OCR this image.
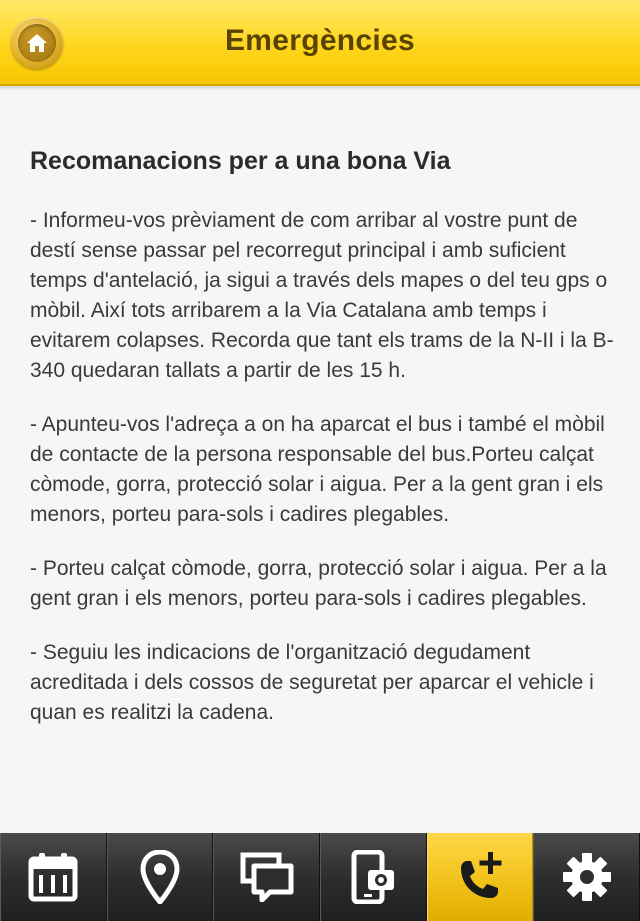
Emergències
Recomanacions per a una bona Via

- Informeu-vos prèviament de com arribar al vostre punt de destí sense passar pel recorregut principal i amb suficient temps d'antelació, ja sigui a través dels mapes o del teu gps o mòbil. Així tots arribarem a la Via Catalana amb temps i evitarem colapses. Recorda que tant els trams de la N-II i la B-340 quedaran tallats a partir de les 15 h.

- Apunteu-vos l'adreça a on ha aparcat el bus i també el mòbil de contacte de la persona responsable del bus.Porteu calçat còmode, gorra, protecció solar i aigua. Per a la gent gran i els menors, porteu para-sols i cadires plegables.

- Porteu calçat còmode, gorra, protecció solar i aigua. Per a la gent gran i els menors, porteu para-sols i cadires plegables.

- Seguiu les indicacions de l'organització degudament acreditada i dels cossos de seguretat per aparcar el vehicle i quan es realitzi la cadena.
